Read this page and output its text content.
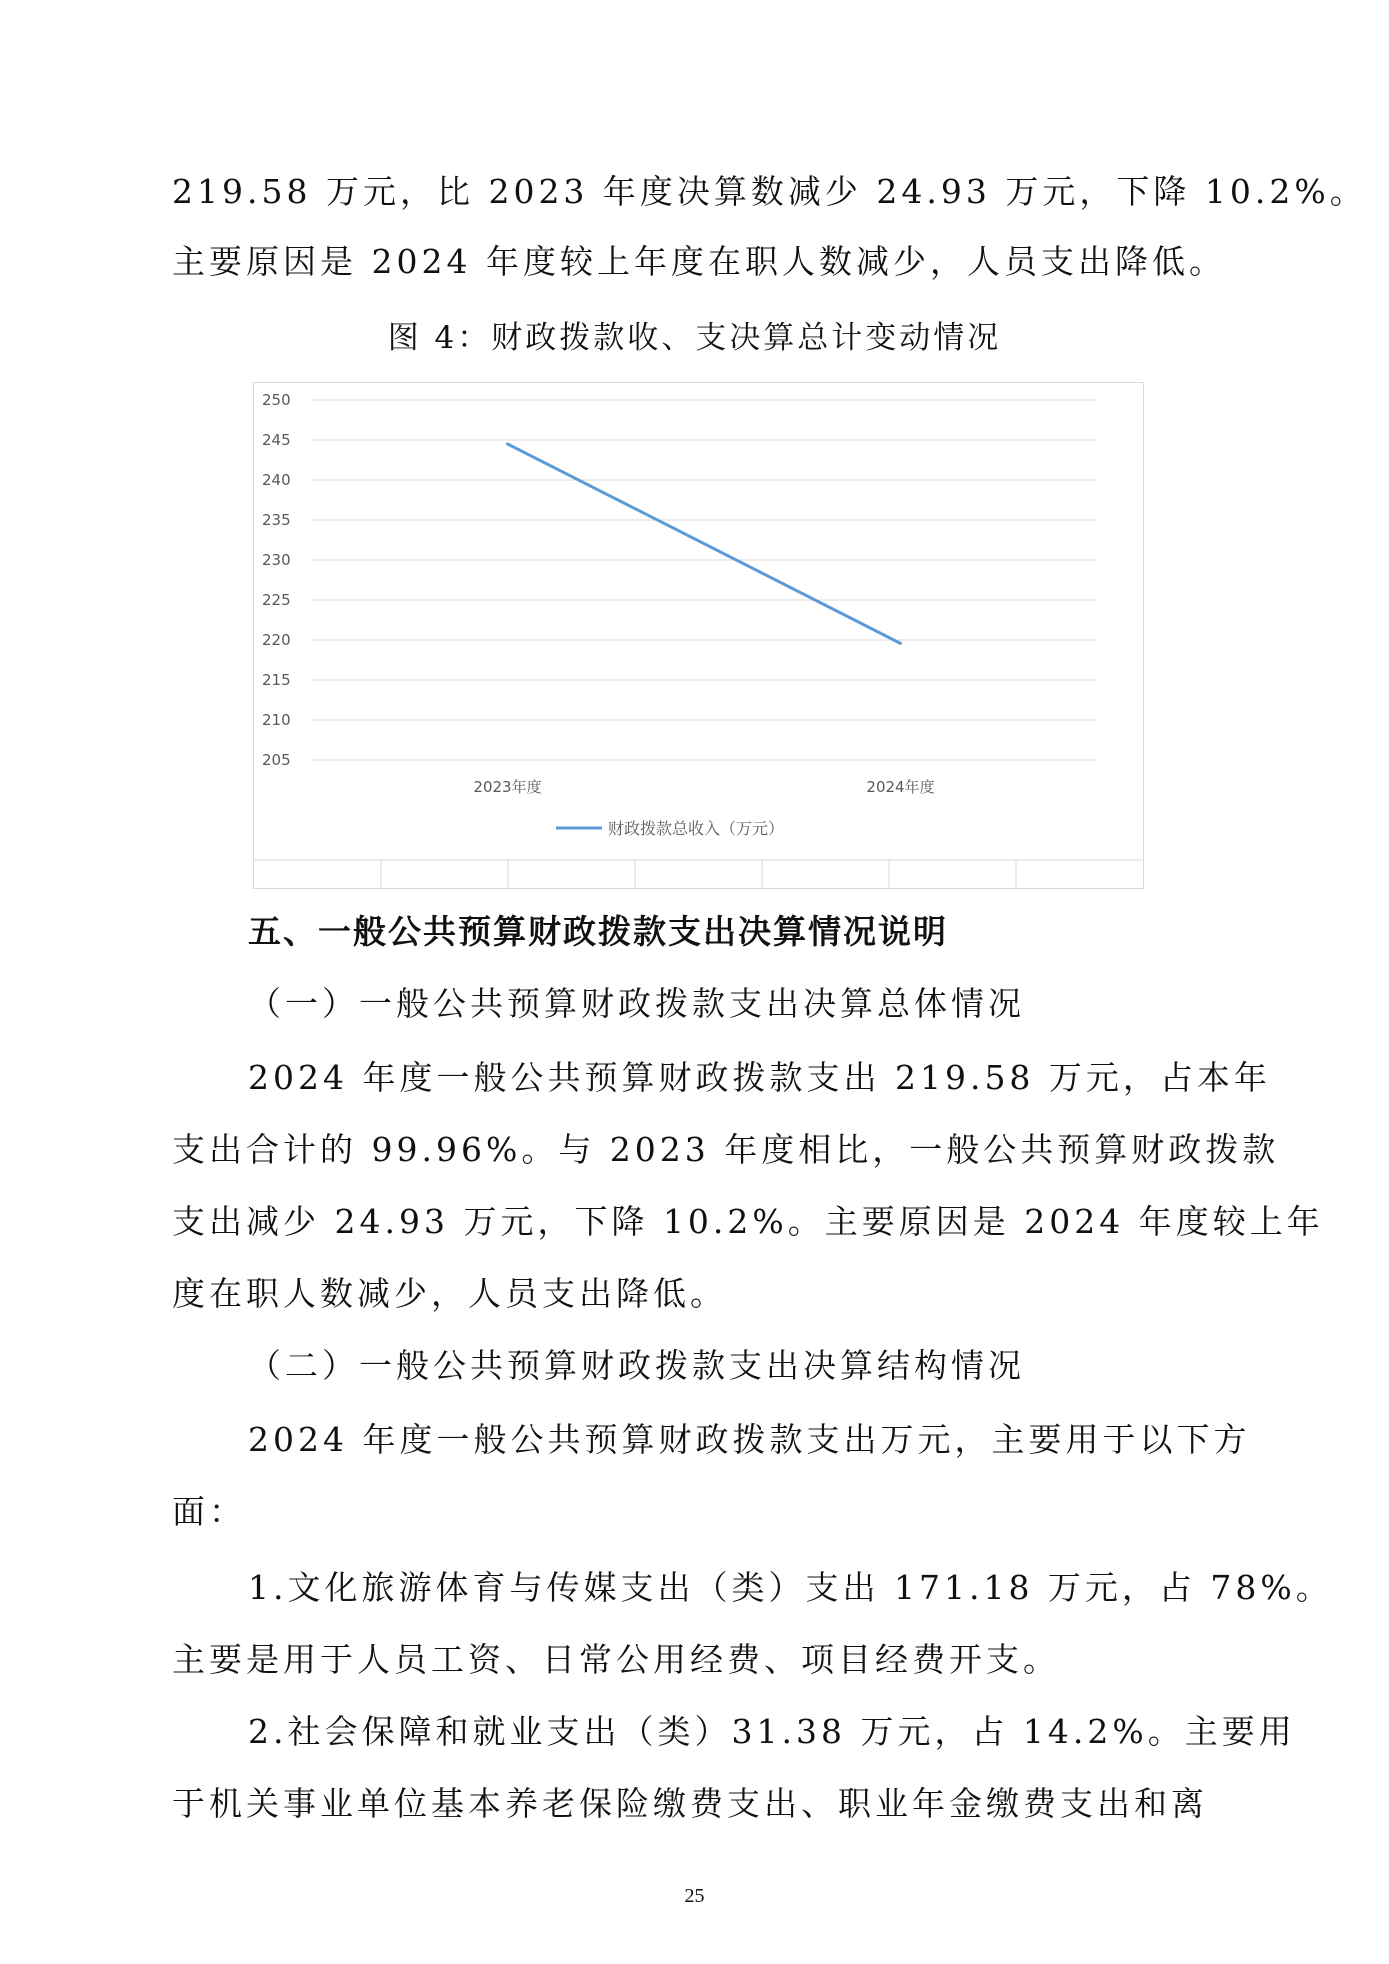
219.58 万元，比 2023 年度决算数减少 24.93 万元，下降 10.2%。
主要原因是 2024 年度较上年度在职人数减少，人员支出降低。
图 4：财政拨款收、支决算总计变动情况
205
210
215
220
225
230
235
240
245
250
2023年度	2024年度
财政拨款总收入（万元）
五、一般公共预算财政拨款支出决算情况说明
（一）一般公共预算财政拨款支出决算总体情况
2024 年度一般公共预算财政拨款支出 219.58 万元，占本年
支出合计的 99.96%。与 2023 年度相比，一般公共预算财政拨款
支出减少 24.93 万元，下降 10.2%。主要原因是 2024 年度较上年
度在职人数减少，人员支出降低。
（二）一般公共预算财政拨款支出决算结构情况
2024 年度一般公共预算财政拨款支出万元，主要用于以下方
面：
1.文化旅游体育与传媒支出（类）支出 171.18 万元，占 78%。
主要是用于人员工资、日常公用经费、项目经费开支。
2.社会保障和就业支出（类）31.38 万元，占 14.2%。主要用
于机关事业单位基本养老保险缴费支出、职业年金缴费支出和离
25
